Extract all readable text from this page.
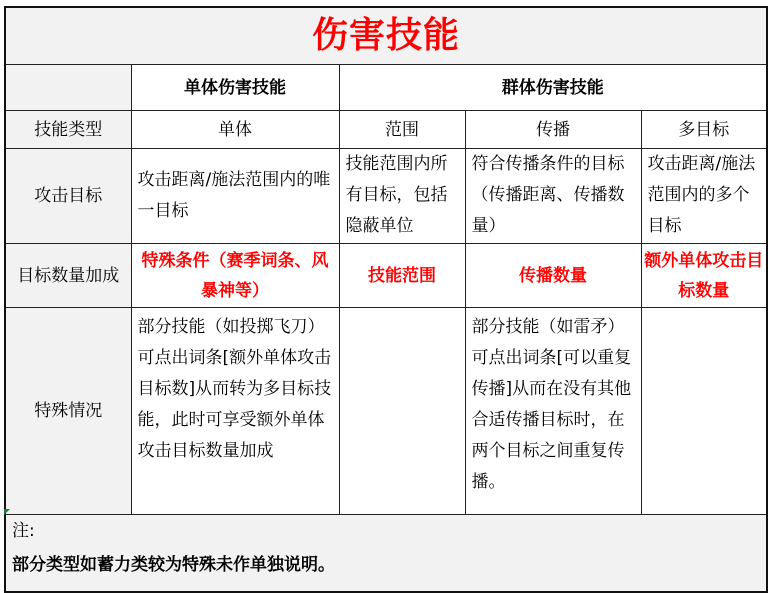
伤害技能				
	单体伤害技能	群体伤害技能		
技能类型	单体	范围	传播	多目标
攻击目标	攻击距离/施法范围内的唯一目标	技能范围内所有目标，包括隐蔽单位	符合传播条件的目标（传播距离、传播数量）	攻击距离/施法范围内的多个目标

目标数量加成	特殊条件（赛季词条、风暴神等）	技能范围	传播数量	额外单体攻击目标数量

特殊情况	部分技能（如投掷飞刀）可点出词条[额外单体攻击目标数]从而转为多目标技能，此时可享受额外单体攻击目标数量加成		部分技能（如雷矛）可点出词条[可以重复传播]从而在没有其他合适传播目标时，在两个目标之间重复传播。	

注:
部分类型如蓄力类较为特殊未作单独说明。				
